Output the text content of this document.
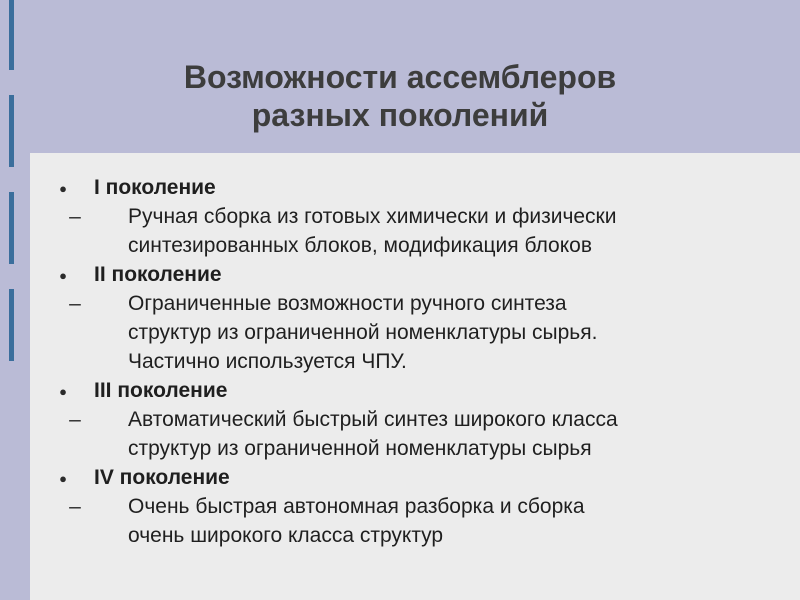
Возможности ассемблеров
разных поколений
● I поколение
– Ручная сборка из готовых химически и физически
синтезированных блоков, модификация блоков
● II поколение
– Ограниченные возможности ручного синтеза
структур из ограниченной номенклатуры сырья.
Частично используется ЧПУ.
● III поколение
– Автоматический быстрый синтез широкого класса
структур из ограниченной номенклатуры сырья
● IV поколение
– Очень быстрая автономная разборка и сборка
очень широкого класса структур
